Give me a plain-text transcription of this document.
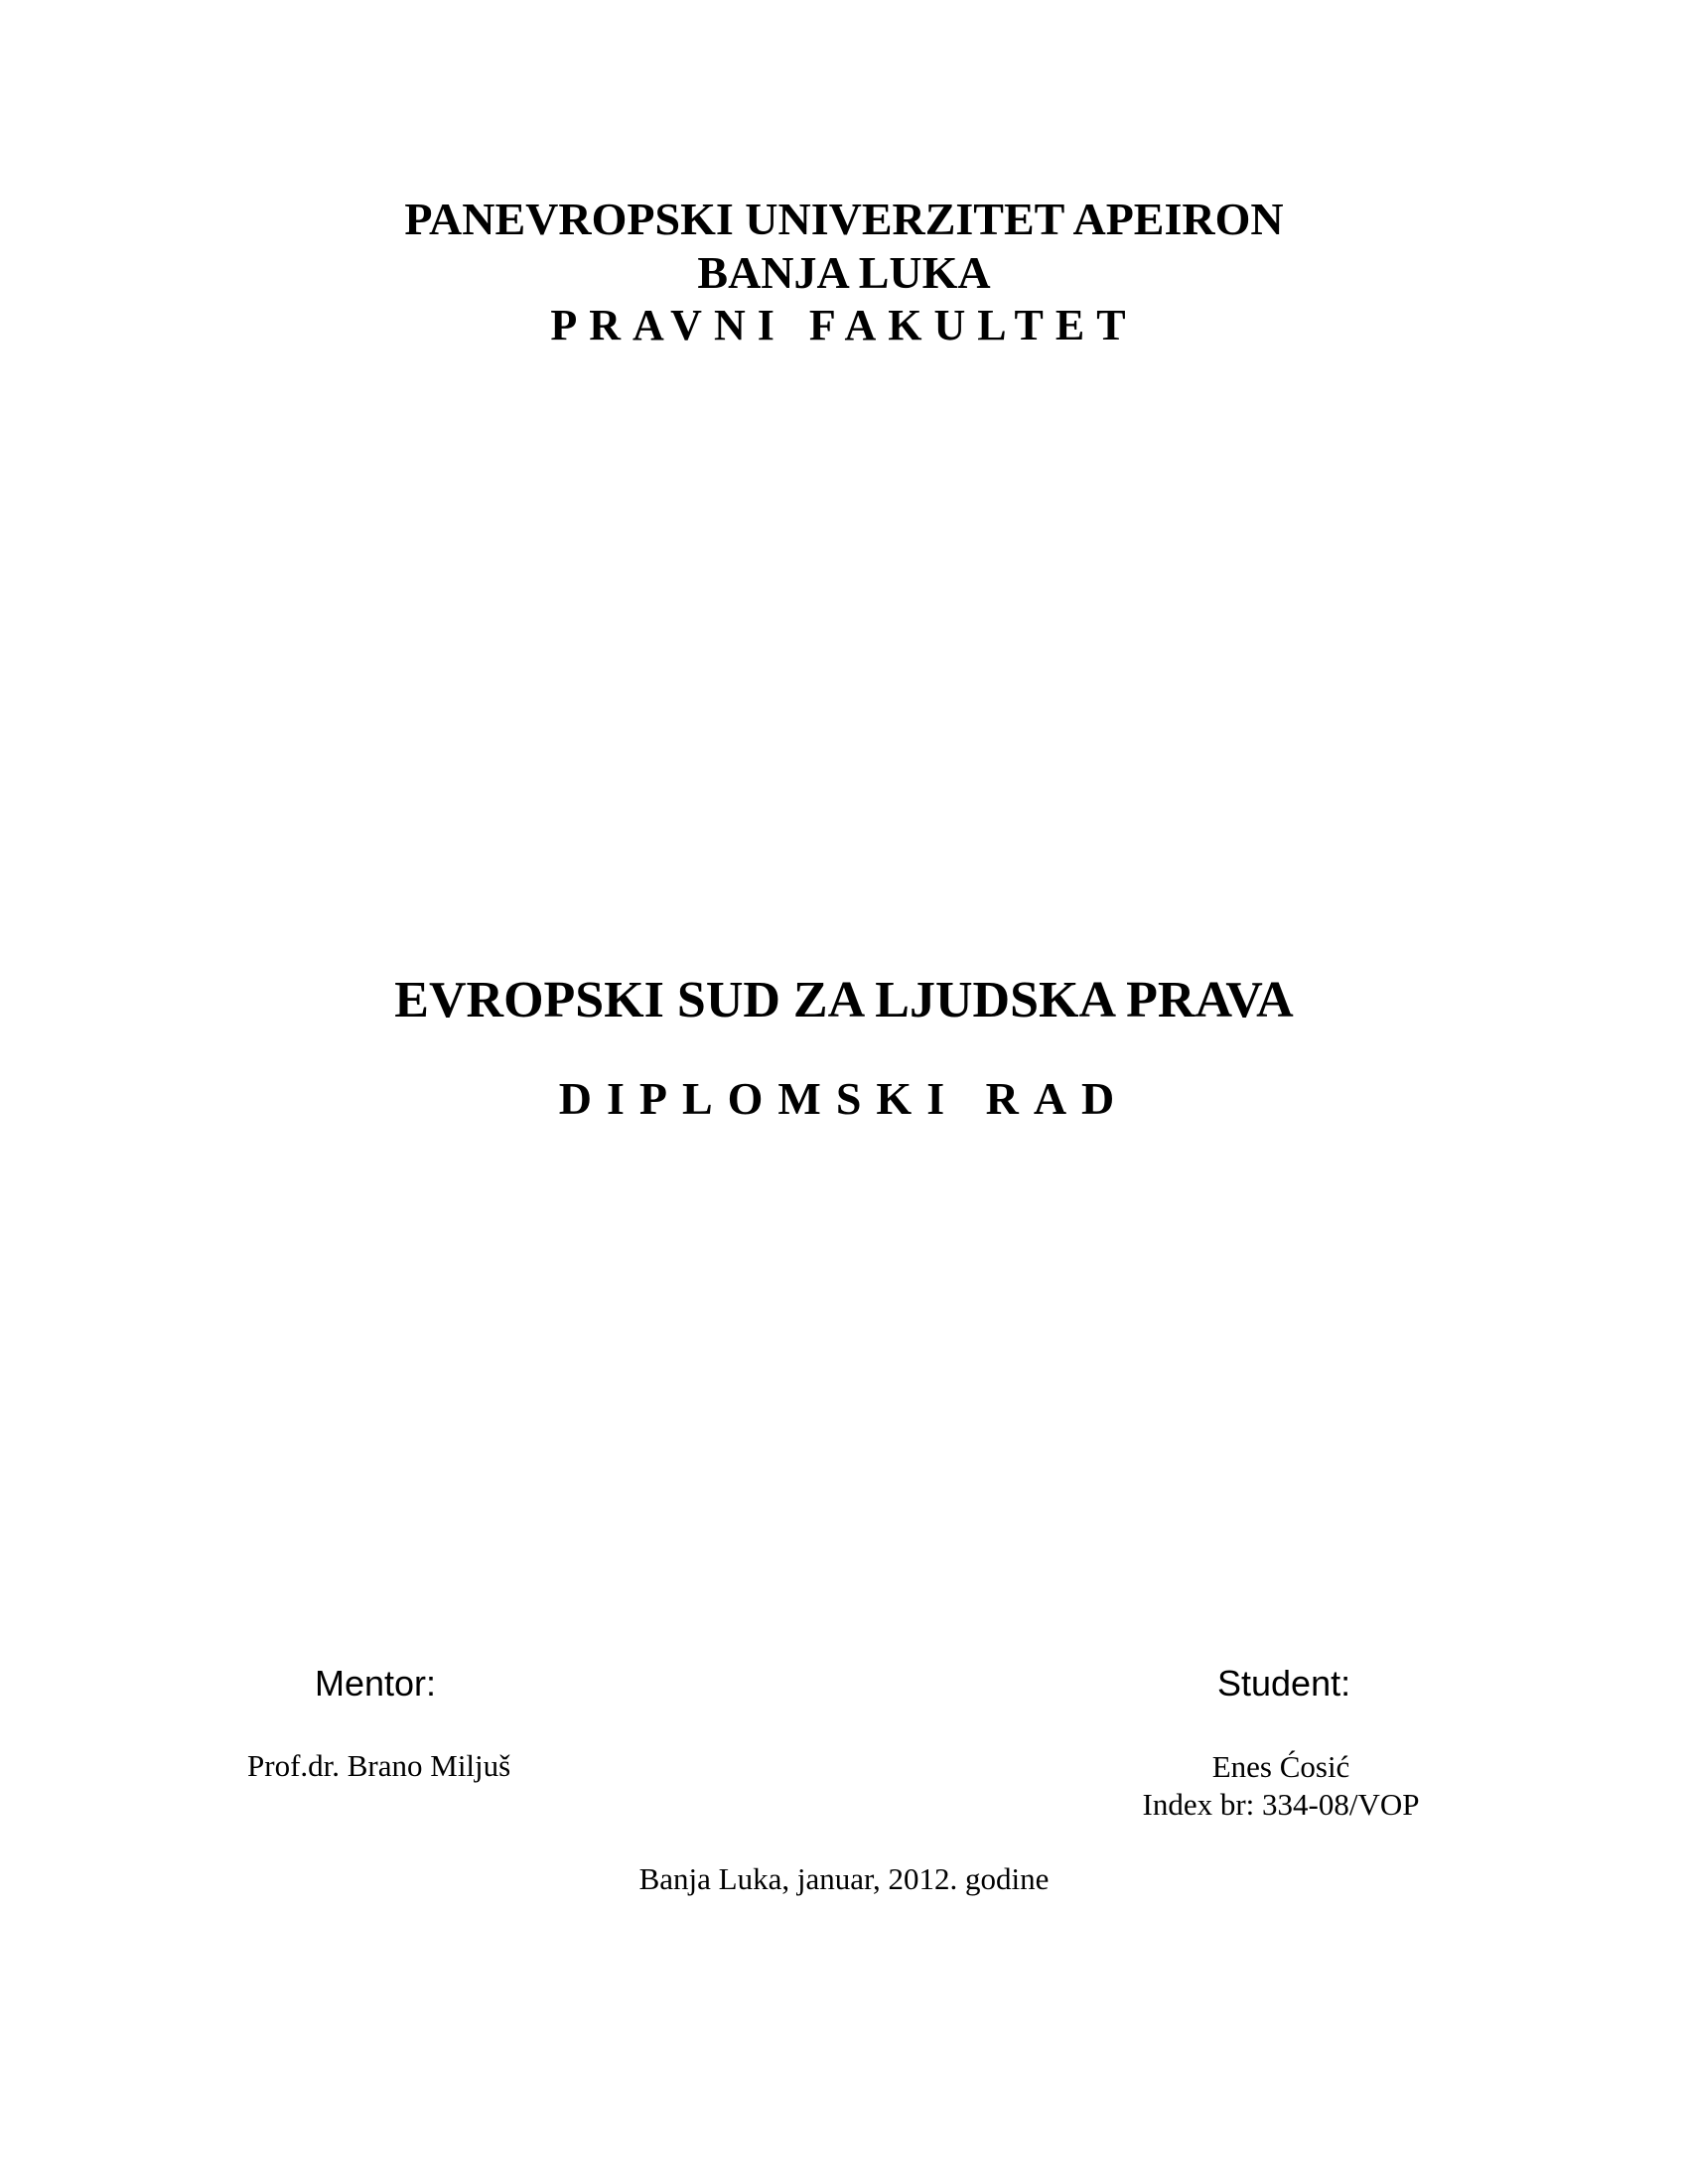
PANEVROPSKI UNIVERZITET APEIRON
BANJA LUKA
PRAVNI FAKULTET
EVROPSKI SUD ZA LJUDSKA PRAVA
DIPLOMSKI RAD
Mentor:	Student:
Prof.dr. Brano Miljuš	Enes Ćosić
Index br: 334-08/VOP
Banja Luka, januar, 2012. godine
